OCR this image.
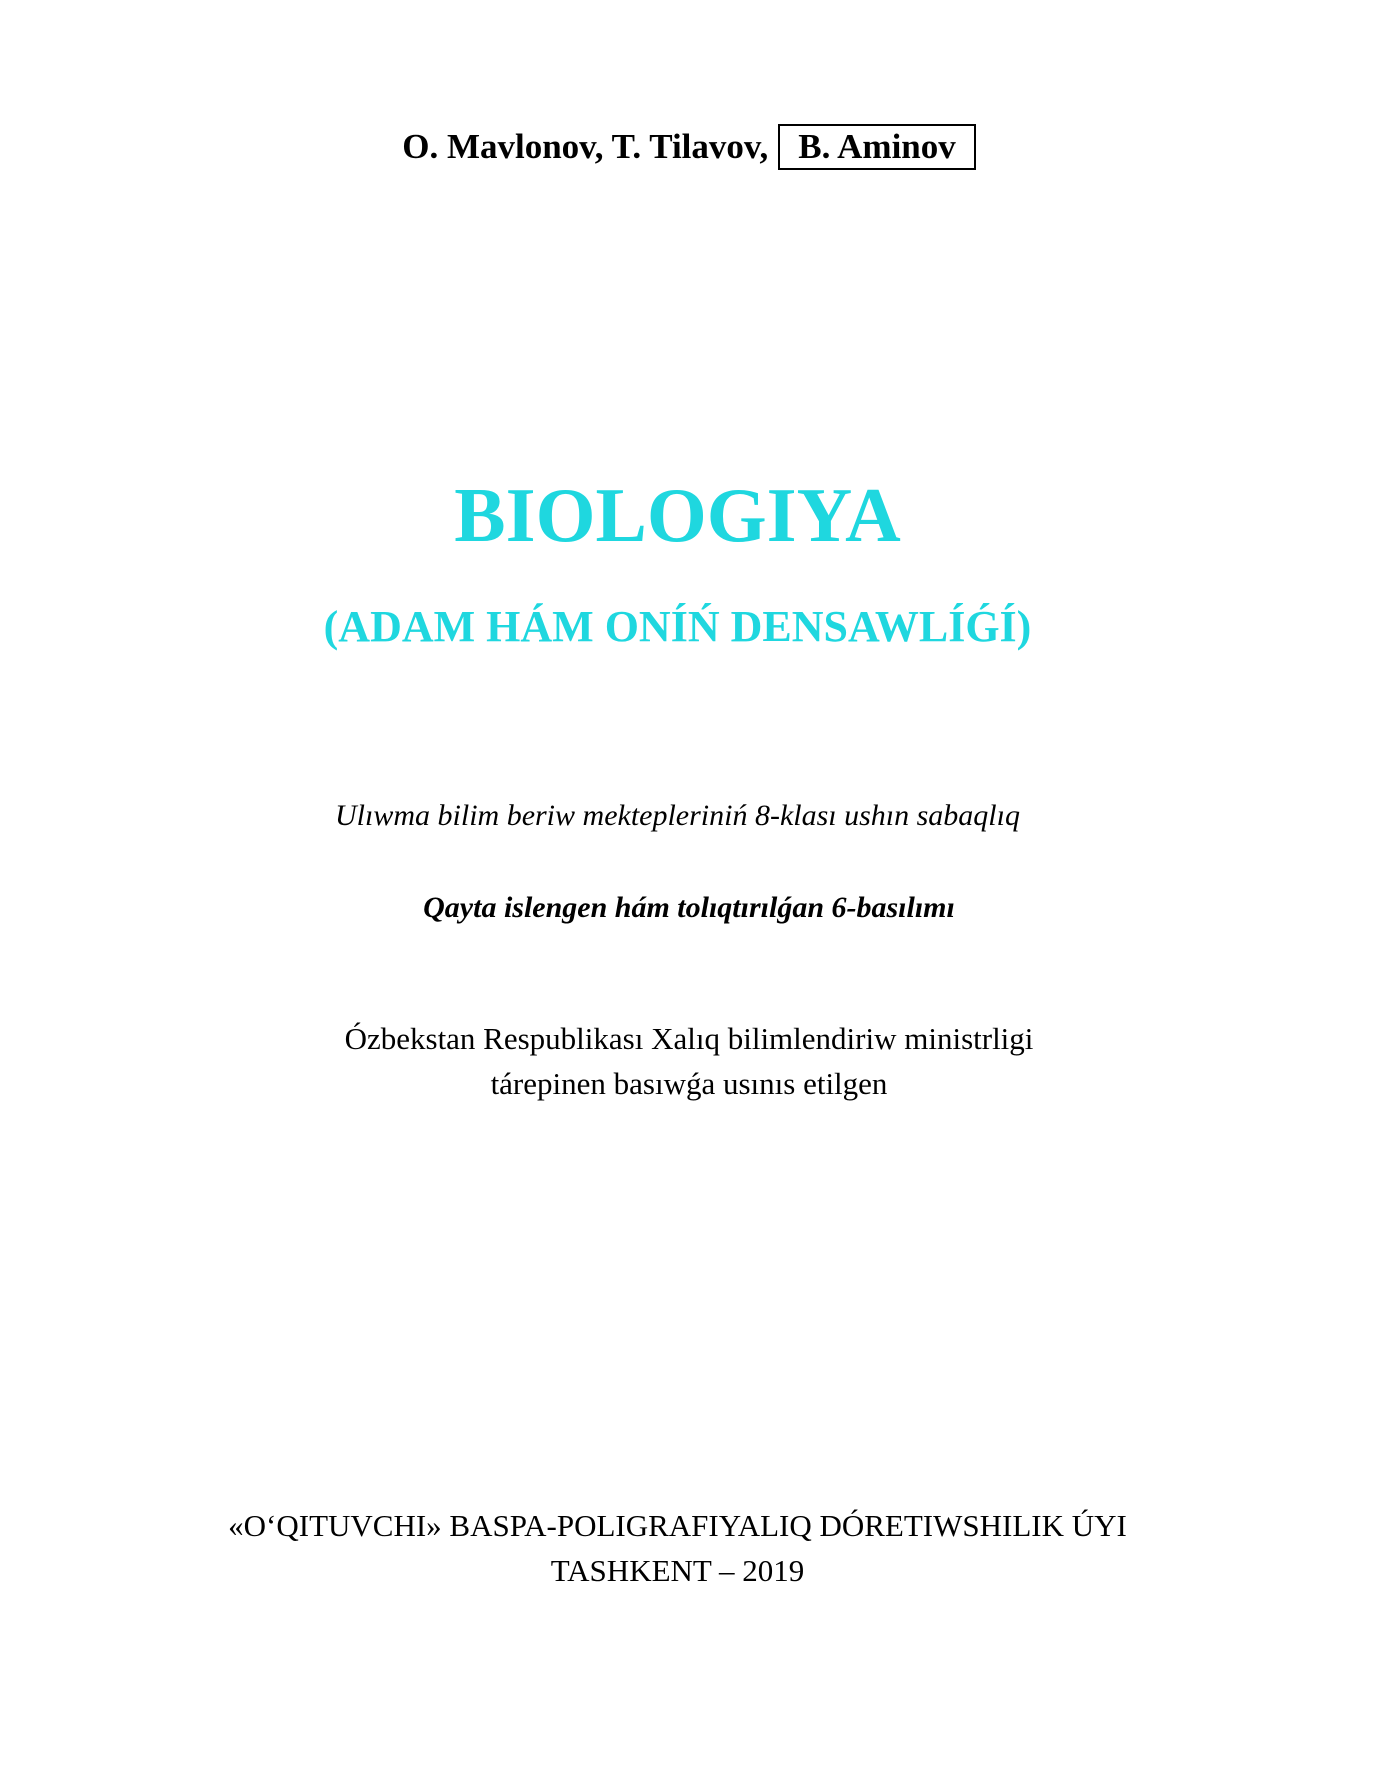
O. Mavlonov, T. Tilavov, B. Aminov
BIOLOGIYA
(ADAM HÁM ONÍŃ DENSAWLÍǴÍ)
Ulıwma bilim beriw mektepleriniń 8-klası ushın sabaqlıq
Qayta islengen hám tolıqtırılǵan 6-basılımı
Ózbekstan Respublikası Xalıq bilimlendiriw ministrligi
tárepinen basıwǵa usınıs etilgen
«O‘QITUVCHI» BASPA-POLIGRAFIYALIQ DÓRETIWSHILIK ÚYI
TASHKENT – 2019
